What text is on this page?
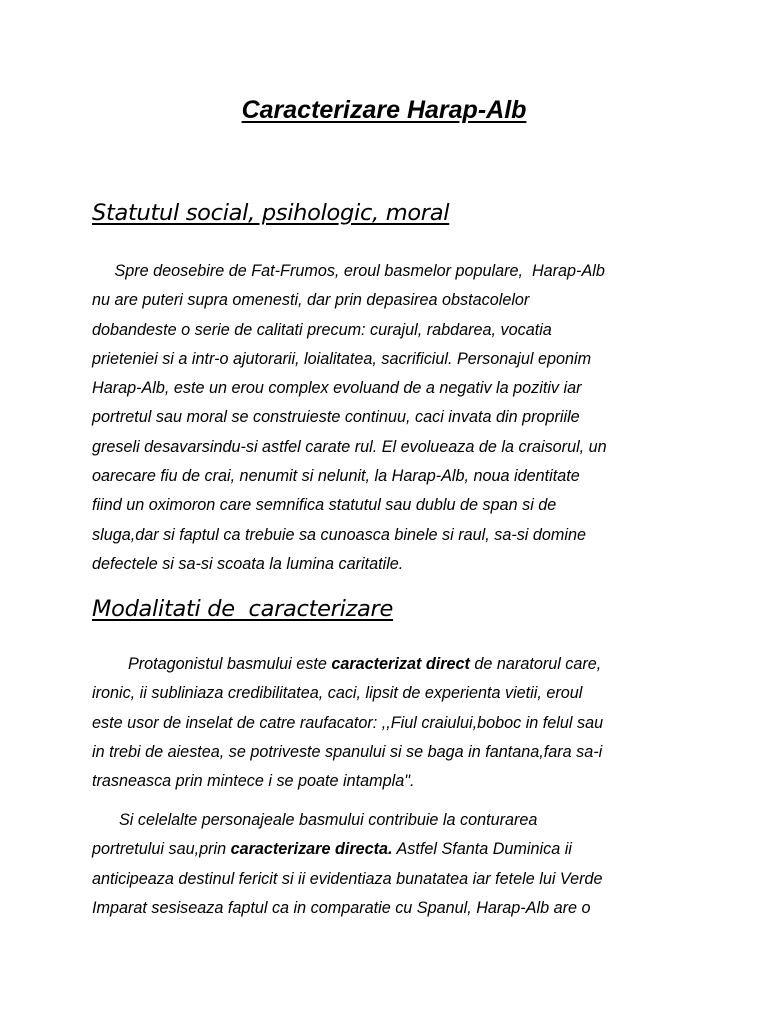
Caracterizare Harap-Alb
Statutul social, psihologic, moral
Spre deosebire de Fat-Frumos, eroul basmelor populare,  Harap-Alb
nu are puteri supra omenesti, dar prin depasirea obstacolelor
dobandeste o serie de calitati precum: curajul, rabdarea, vocatia
prieteniei si a intr-o ajutorarii, loialitatea, sacrificiul. Personajul eponim
Harap-Alb, este un erou complex evoluand de a negativ la pozitiv iar
portretul sau moral se construieste continuu, caci invata din propriile
greseli desavarsindu-si astfel carate rul. El evolueaza de la craisorul, un
oarecare fiu de crai, nenumit si nelunit, la Harap-Alb, noua identitate
fiind un oximoron care semnifica statutul sau dublu de span si de
sluga,dar si faptul ca trebuie sa cunoasca binele si raul, sa-si domine
defectele si sa-si scoata la lumina caritatile.
Modalitati de  caracterizare
Protagonistul basmului este caracterizat direct de naratorul care,
ironic, ii subliniaza credibilitatea, caci, lipsit de experienta vietii, eroul
este usor de inselat de catre raufacator: ,,Fiul craiului,boboc in felul sau
in trebi de aiestea, se potriveste spanului si se baga in fantana,fara sa-i
trasneasca prin mintece i se poate intampla".
Si celelalte personajeale basmului contribuie la conturarea
portretului sau,prin caracterizare directa. Astfel Sfanta Duminica ii
anticipeaza destinul fericit si ii evidentiaza bunatatea iar fetele lui Verde
Imparat sesiseaza faptul ca in comparatie cu Spanul, Harap-Alb are o
